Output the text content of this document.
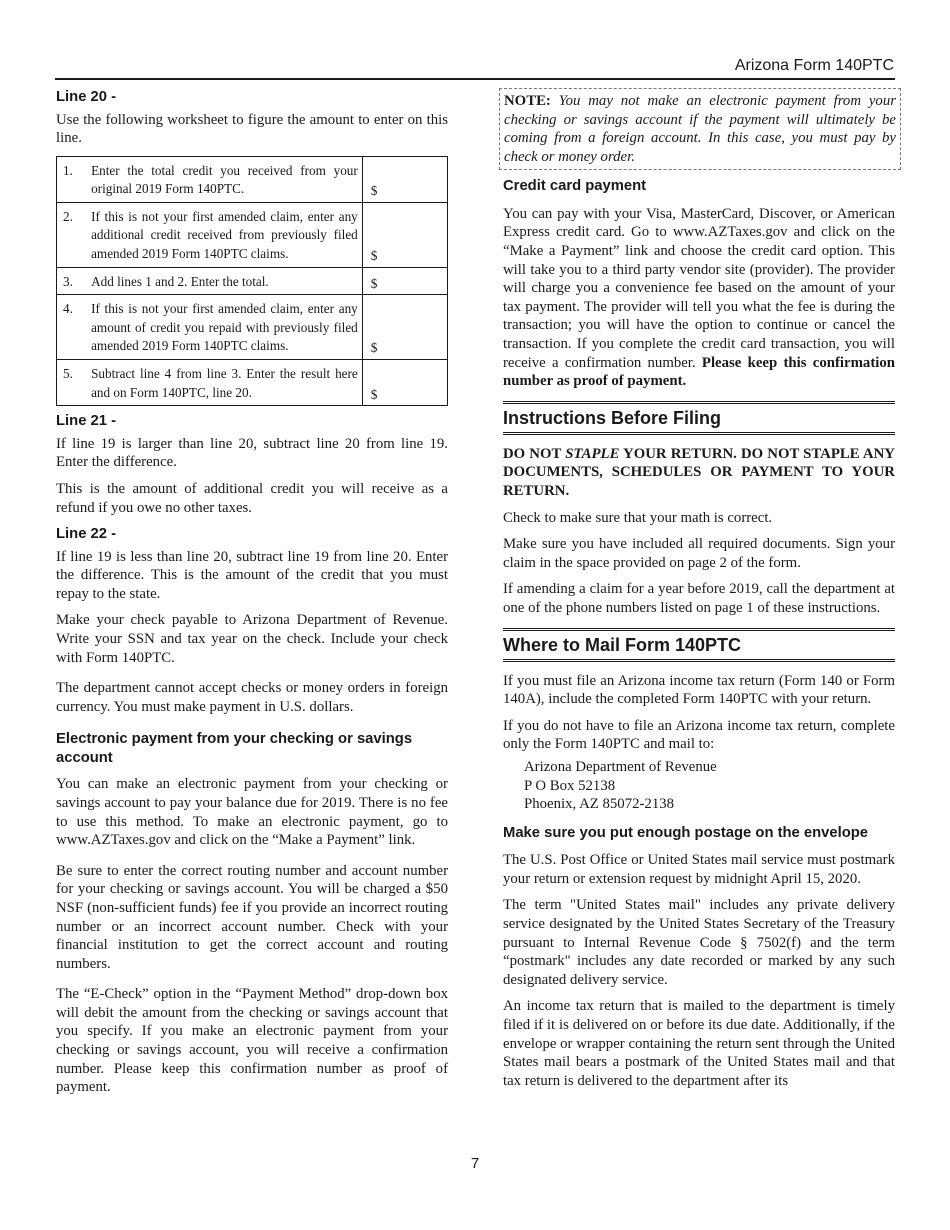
Arizona Form 140PTC
Line 20 -

Use the following worksheet to figure the amount to enter on this line.

1.	Enter the total credit you received from your original 2019 Form 140PTC.	$
2.	If this is not your first amended claim, enter any additional credit received from previously filed amended 2019 Form 140PTC claims.	$
3.	Add lines 1 and 2. Enter the total.	$
4.	If this is not your first amended claim, enter any amount of credit you repaid with previously filed amended 2019 Form 140PTC claims.	$
5.	Subtract line 4 from line 3. Enter the result here and on Form 140PTC, line 20.	$
Line 21 -

If line 19 is larger than line 20, subtract line 20 from line 19. Enter the difference.

This is the amount of additional credit you will receive as a refund if you owe no other taxes.

Line 22 -

If line 19 is less than line 20, subtract line 19 from line 20. Enter the difference. This is the amount of the credit that you must repay to the state.

Make your check payable to Arizona Department of Revenue. Write your SSN and tax year on the check. Include your check with Form 140PTC.

The department cannot accept checks or money orders in foreign currency. You must make payment in U.S. dollars.

Electronic payment from your checking or savings account

You can make an electronic payment from your checking or savings account to pay your balance due for 2019. There is no fee to use this method. To make an electronic payment, go to www.AZTaxes.gov and click on the “Make a Payment” link.

Be sure to enter the correct routing number and account number for your checking or savings account. You will be charged a $50 NSF (non-sufficient funds) fee if you provide an incorrect routing number or an incorrect account number. Check with your financial institution to get the correct account and routing numbers.

The “E-Check” option in the “Payment Method” drop-down box will debit the amount from the checking or savings account that you specify. If you make an electronic payment from your checking or savings account, you will receive a confirmation number. Please keep this confirmation number as proof of payment.

NOTE: You may not make an electronic payment from your checking or savings account if the payment will ultimately be coming from a foreign account. In this case, you must pay by check or money order.
Credit card payment

You can pay with your Visa, MasterCard, Discover, or American Express credit card. Go to www.AZTaxes.gov and click on the “Make a Payment” link and choose the credit card option. This will take you to a third party vendor site (provider). The provider will charge you a convenience fee based on the amount of your tax payment. The provider will tell you what the fee is during the transaction; you will have the option to continue or cancel the transaction. If you complete the credit card transaction, you will receive a confirmation number. Please keep this confirmation number as proof of payment.

Instructions Before Filing

DO NOT STAPLE YOUR RETURN. DO NOT STAPLE ANY DOCUMENTS, SCHEDULES OR PAYMENT TO YOUR RETURN.

Check to make sure that your math is correct.

Make sure you have included all required documents. Sign your claim in the space provided on page 2 of the form.

If amending a claim for a year before 2019, call the department at one of the phone numbers listed on page 1 of these instructions.

Where to Mail Form 140PTC

If you must file an Arizona income tax return (Form 140 or Form 140A), include the completed Form 140PTC with your return.

If you do not have to file an Arizona income tax return, complete only the Form 140PTC and mail to:

Arizona Department of Revenue
P O Box 52138
Phoenix, AZ 85072-2138
Make sure you put enough postage on the envelope

The U.S. Post Office or United States mail service must postmark your return or extension request by midnight April 15, 2020.

The term "United States mail" includes any private delivery service designated by the United States Secretary of the Treasury pursuant to Internal Revenue Code § 7502(f) and the term “postmark" includes any date recorded or marked by any such designated delivery service.

An income tax return that is mailed to the department is timely filed if it is delivered on or before its due date. Additionally, if the envelope or wrapper containing the return sent through the United States mail bears a postmark of the United States mail and that tax return is delivered to the department after its

7
